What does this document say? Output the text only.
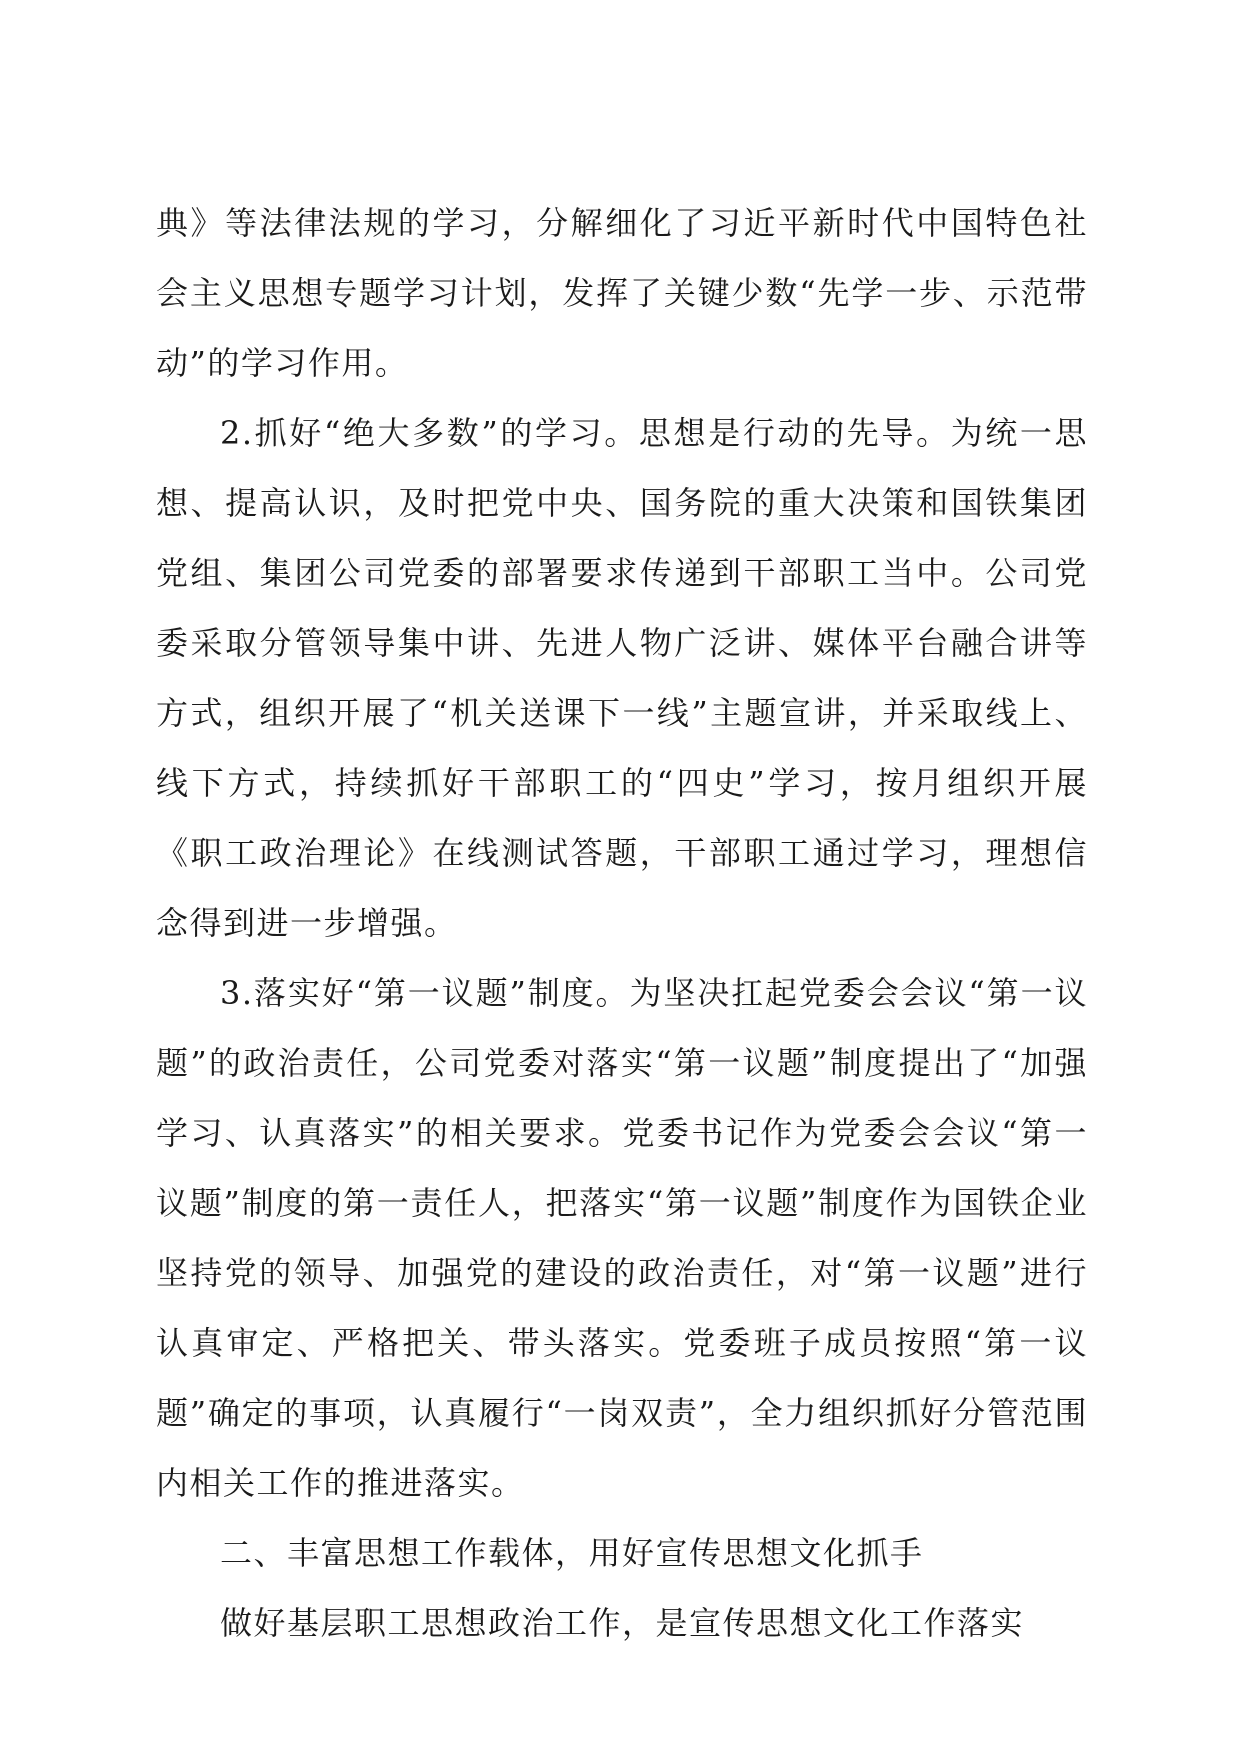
典》等法律法规的学习，分解细化了习近平新时代中国特色社会主义思想专题学习计划，发挥了关键少数“先学一步、示范带动”的学习作用。

2.抓好“绝大多数”的学习。思想是行动的先导。为统一思想、提高认识，及时把党中央、国务院的重大决策和国铁集团党组、集团公司党委的部署要求传递到干部职工当中。公司党委采取分管领导集中讲、先进人物广泛讲、媒体平台融合讲等方式，组织开展了“机关送课下一线”主题宣讲，并采取线上、线下方式，持续抓好干部职工的“四史”学习，按月组织开展《职工政治理论》在线测试答题，干部职工通过学习，理想信念得到进一步增强。

3.落实好“第一议题”制度。为坚决扛起党委会会议“第一议题”的政治责任，公司党委对落实“第一议题”制度提出了“加强学习、认真落实”的相关要求。党委书记作为党委会会议“第一议题”制度的第一责任人，把落实“第一议题”制度作为国铁企业坚持党的领导、加强党的建设的政治责任，对“第一议题”进行认真审定、严格把关、带头落实。党委班子成员按照“第一议题”确定的事项，认真履行“一岗双责”，全力组织抓好分管范围内相关工作的推进落实。

二、丰富思想工作载体，用好宣传思想文化抓手

做好基层职工思想政治工作，是宣传思想文化工作落实
